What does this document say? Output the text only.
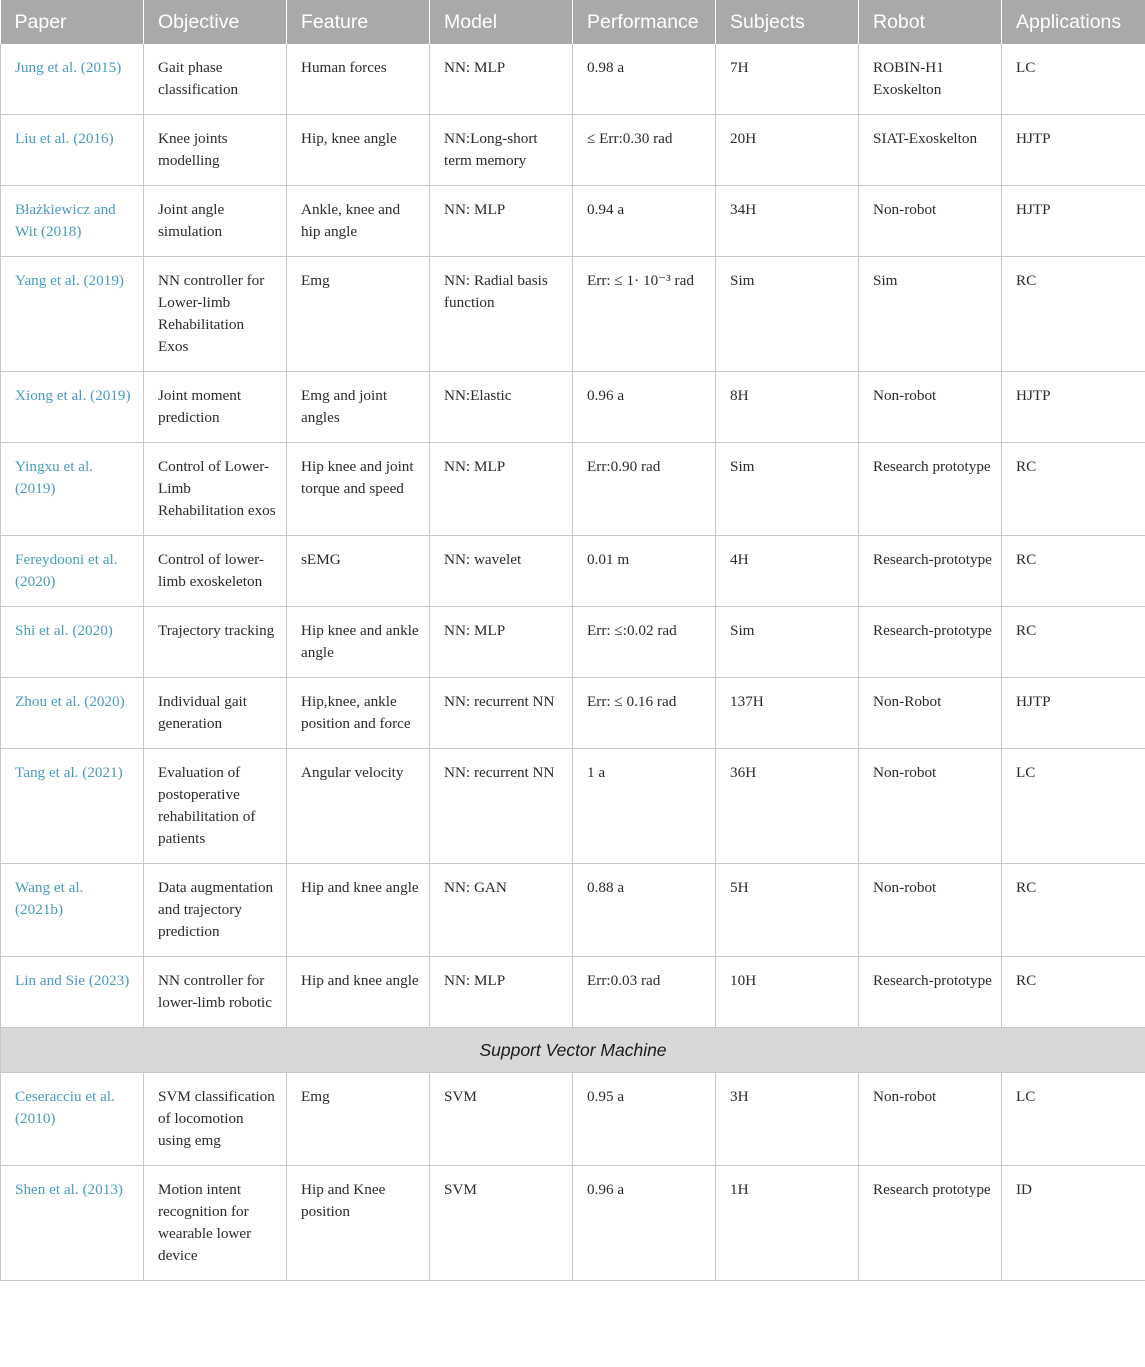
Paper	Objective	Feature	Model	Performance	Subjects	Robot	Applications
Jung et al. (2015)	Gait phase classification	Human forces	NN: MLP	0.98 a	7H	ROBIN-H1 Exoskelton	LC
Liu et al. (2016)	Knee joints modelling	Hip, knee angle	NN:Long-short term memory	≤ Err:0.30 rad	20H	SIAT-Exoskelton	HJTP
Błażkiewicz and Wit (2018)	Joint angle simulation	Ankle, knee and hip angle	NN: MLP	0.94 a	34H	Non-robot	HJTP
Yang et al. (2019)	NN controller for Lower-limb Rehabilitation Exos	Emg	NN: Radial basis function	Err: ≤ 1· 10⁻³ rad	Sim	Sim	RC
Xiong et al. (2019)	Joint moment prediction	Emg and joint angles	NN:Elastic	0.96 a	8H	Non-robot	HJTP
Yingxu et al. (2019)	Control of Lower-Limb Rehabilitation exos	Hip knee and joint torque and speed	NN: MLP	Err:0.90 rad	Sim	Research prototype	RC
Fereydooni et al. (2020)	Control of lower-limb exoskeleton	sEMG	NN: wavelet	0.01 m	4H	Research-prototype	RC
Shi et al. (2020)	Trajectory tracking	Hip knee and ankle angle	NN: MLP	Err: ≤:0.02 rad	Sim	Research-prototype	RC
Zhou et al. (2020)	Individual gait generation	Hip,knee, ankle position and force	NN: recurrent NN	Err: ≤ 0.16 rad	137H	Non-Robot	HJTP
Tang et al. (2021)	Evaluation of postoperative rehabilitation of patients	Angular velocity	NN: recurrent NN	1 a	36H	Non-robot	LC
Wang et al. (2021b)	Data augmentation and trajectory prediction	Hip and knee angle	NN: GAN	0.88 a	5H	Non-robot	RC
Lin and Sie (2023)	NN controller for lower-limb robotic	Hip and knee angle	NN: MLP	Err:0.03 rad	10H	Research-prototype	RC
Support Vector Machine							
Ceseracciu et al. (2010)	SVM classification of locomotion using emg	Emg	SVM	0.95 a	3H	Non-robot	LC
Shen et al. (2013)	Motion intent recognition for wearable lower device	Hip and Knee position	SVM	0.96 a	1H	Research prototype	ID
